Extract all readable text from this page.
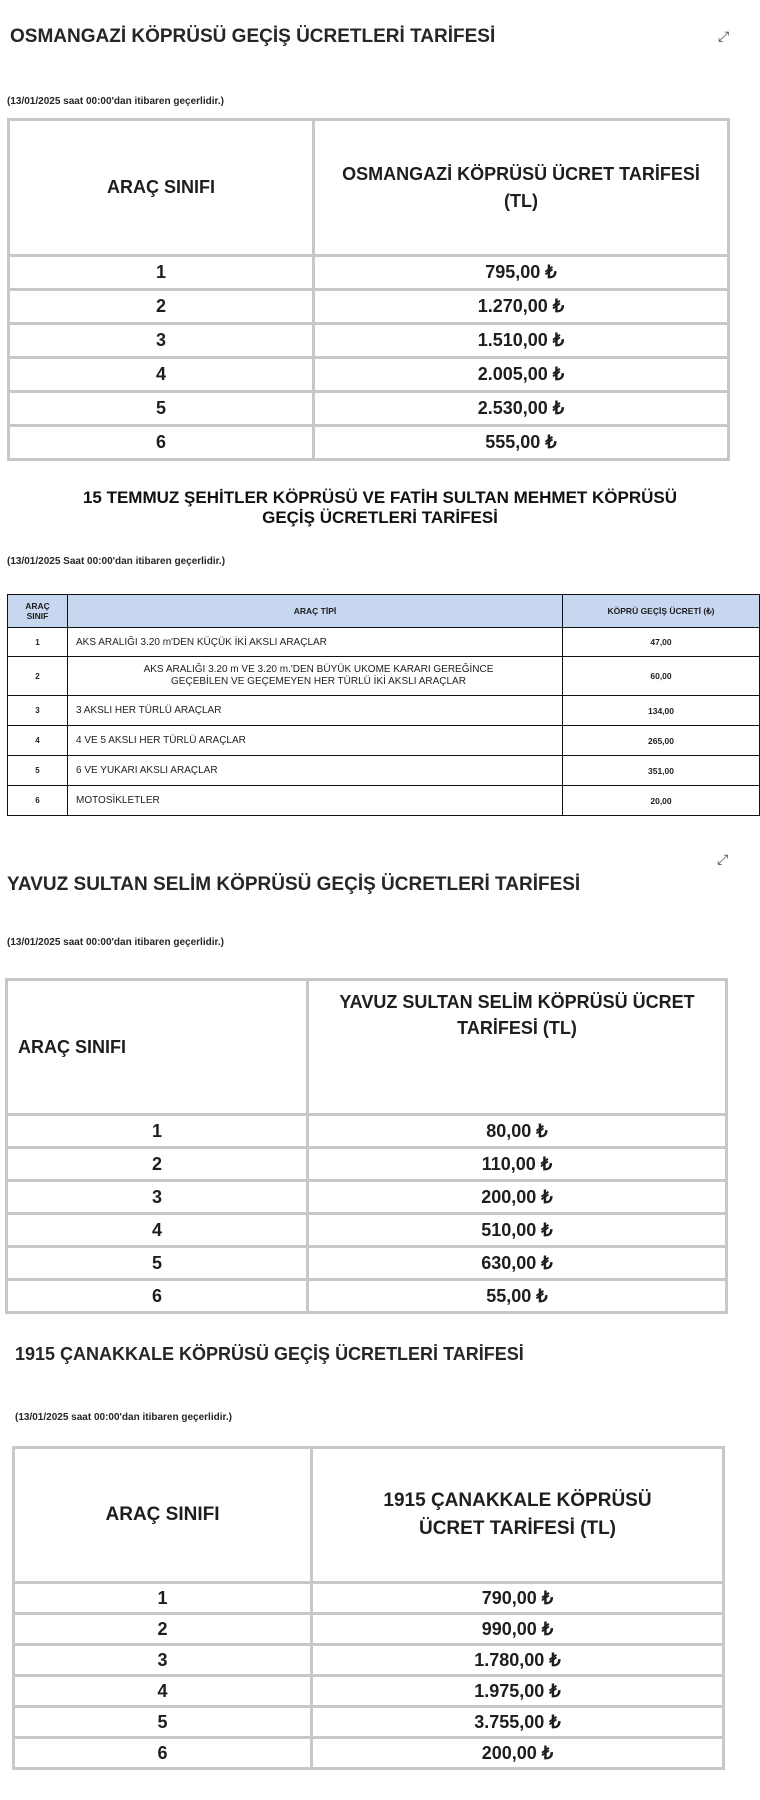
OSMANGAZİ KÖPRÜSÜ GEÇİŞ ÜCRETLERİ TARİFESİ	⤢
(13/01/2025 saat 00:00'dan itibaren geçerlidir.)
ARAÇ SINIFI	OSMANGAZİ KÖPRÜSÜ ÜCRET TARİFESİ
(TL)

1	795,00 ₺
2	1.270,00 ₺
3	1.510,00 ₺
4	2.005,00 ₺
5	2.530,00 ₺
6	555,00 ₺
15 TEMMUZ ŞEHİTLER KÖPRÜSÜ VE FATİH SULTAN MEHMET KÖPRÜSÜ
GEÇİŞ ÜCRETLERİ TARİFESİ
(13/01/2025 Saat 00:00'dan itibaren geçerlidir.)
ARAÇ
SINIF	ARAÇ TİPİ	KÖPRÜ GEÇİŞ ÜCRETİ (₺)
1	AKS ARALIĞI 3.20 m'DEN KÜÇÜK İKİ AKSLI ARAÇLAR	47,00
2	AKS ARALIĞI 3.20 m VE 3.20 m.'DEN BÜYÜK UKOME KARARI GEREĞİNCE
GEÇEBİLEN VE GEÇEMEYEN HER TÜRLÜ İKİ AKSLI ARAÇLAR	60,00
3	3 AKSLI HER TÜRLÜ ARAÇLAR	134,00
4	4 VE 5 AKSLI HER TÜRLÜ ARAÇLAR	265,00
5	6 VE YUKARI AKSLI ARAÇLAR	351,00
6	MOTOSİKLETLER	20,00
⤢
YAVUZ SULTAN SELİM KÖPRÜSÜ GEÇİŞ ÜCRETLERİ TARİFESİ
(13/01/2025 saat 00:00'dan itibaren geçerlidir.)
ARAÇ SINIFI	YAVUZ SULTAN SELİM KÖPRÜSÜ ÜCRET
TARİFESİ (TL)

1	80,00 ₺
2	110,00 ₺
3	200,00 ₺
4	510,00 ₺
5	630,00 ₺
6	55,00 ₺
1915 ÇANAKKALE KÖPRÜSÜ GEÇİŞ ÜCRETLERİ TARİFESİ
(13/01/2025 saat 00:00'dan itibaren geçerlidir.)
ARAÇ SINIFI	1915 ÇANAKKALE KÖPRÜSÜ
ÜCRET TARİFESİ (TL)

1	790,00 ₺
2	990,00 ₺
3	1.780,00 ₺
4	1.975,00 ₺
5	3.755,00 ₺
6	200,00 ₺
